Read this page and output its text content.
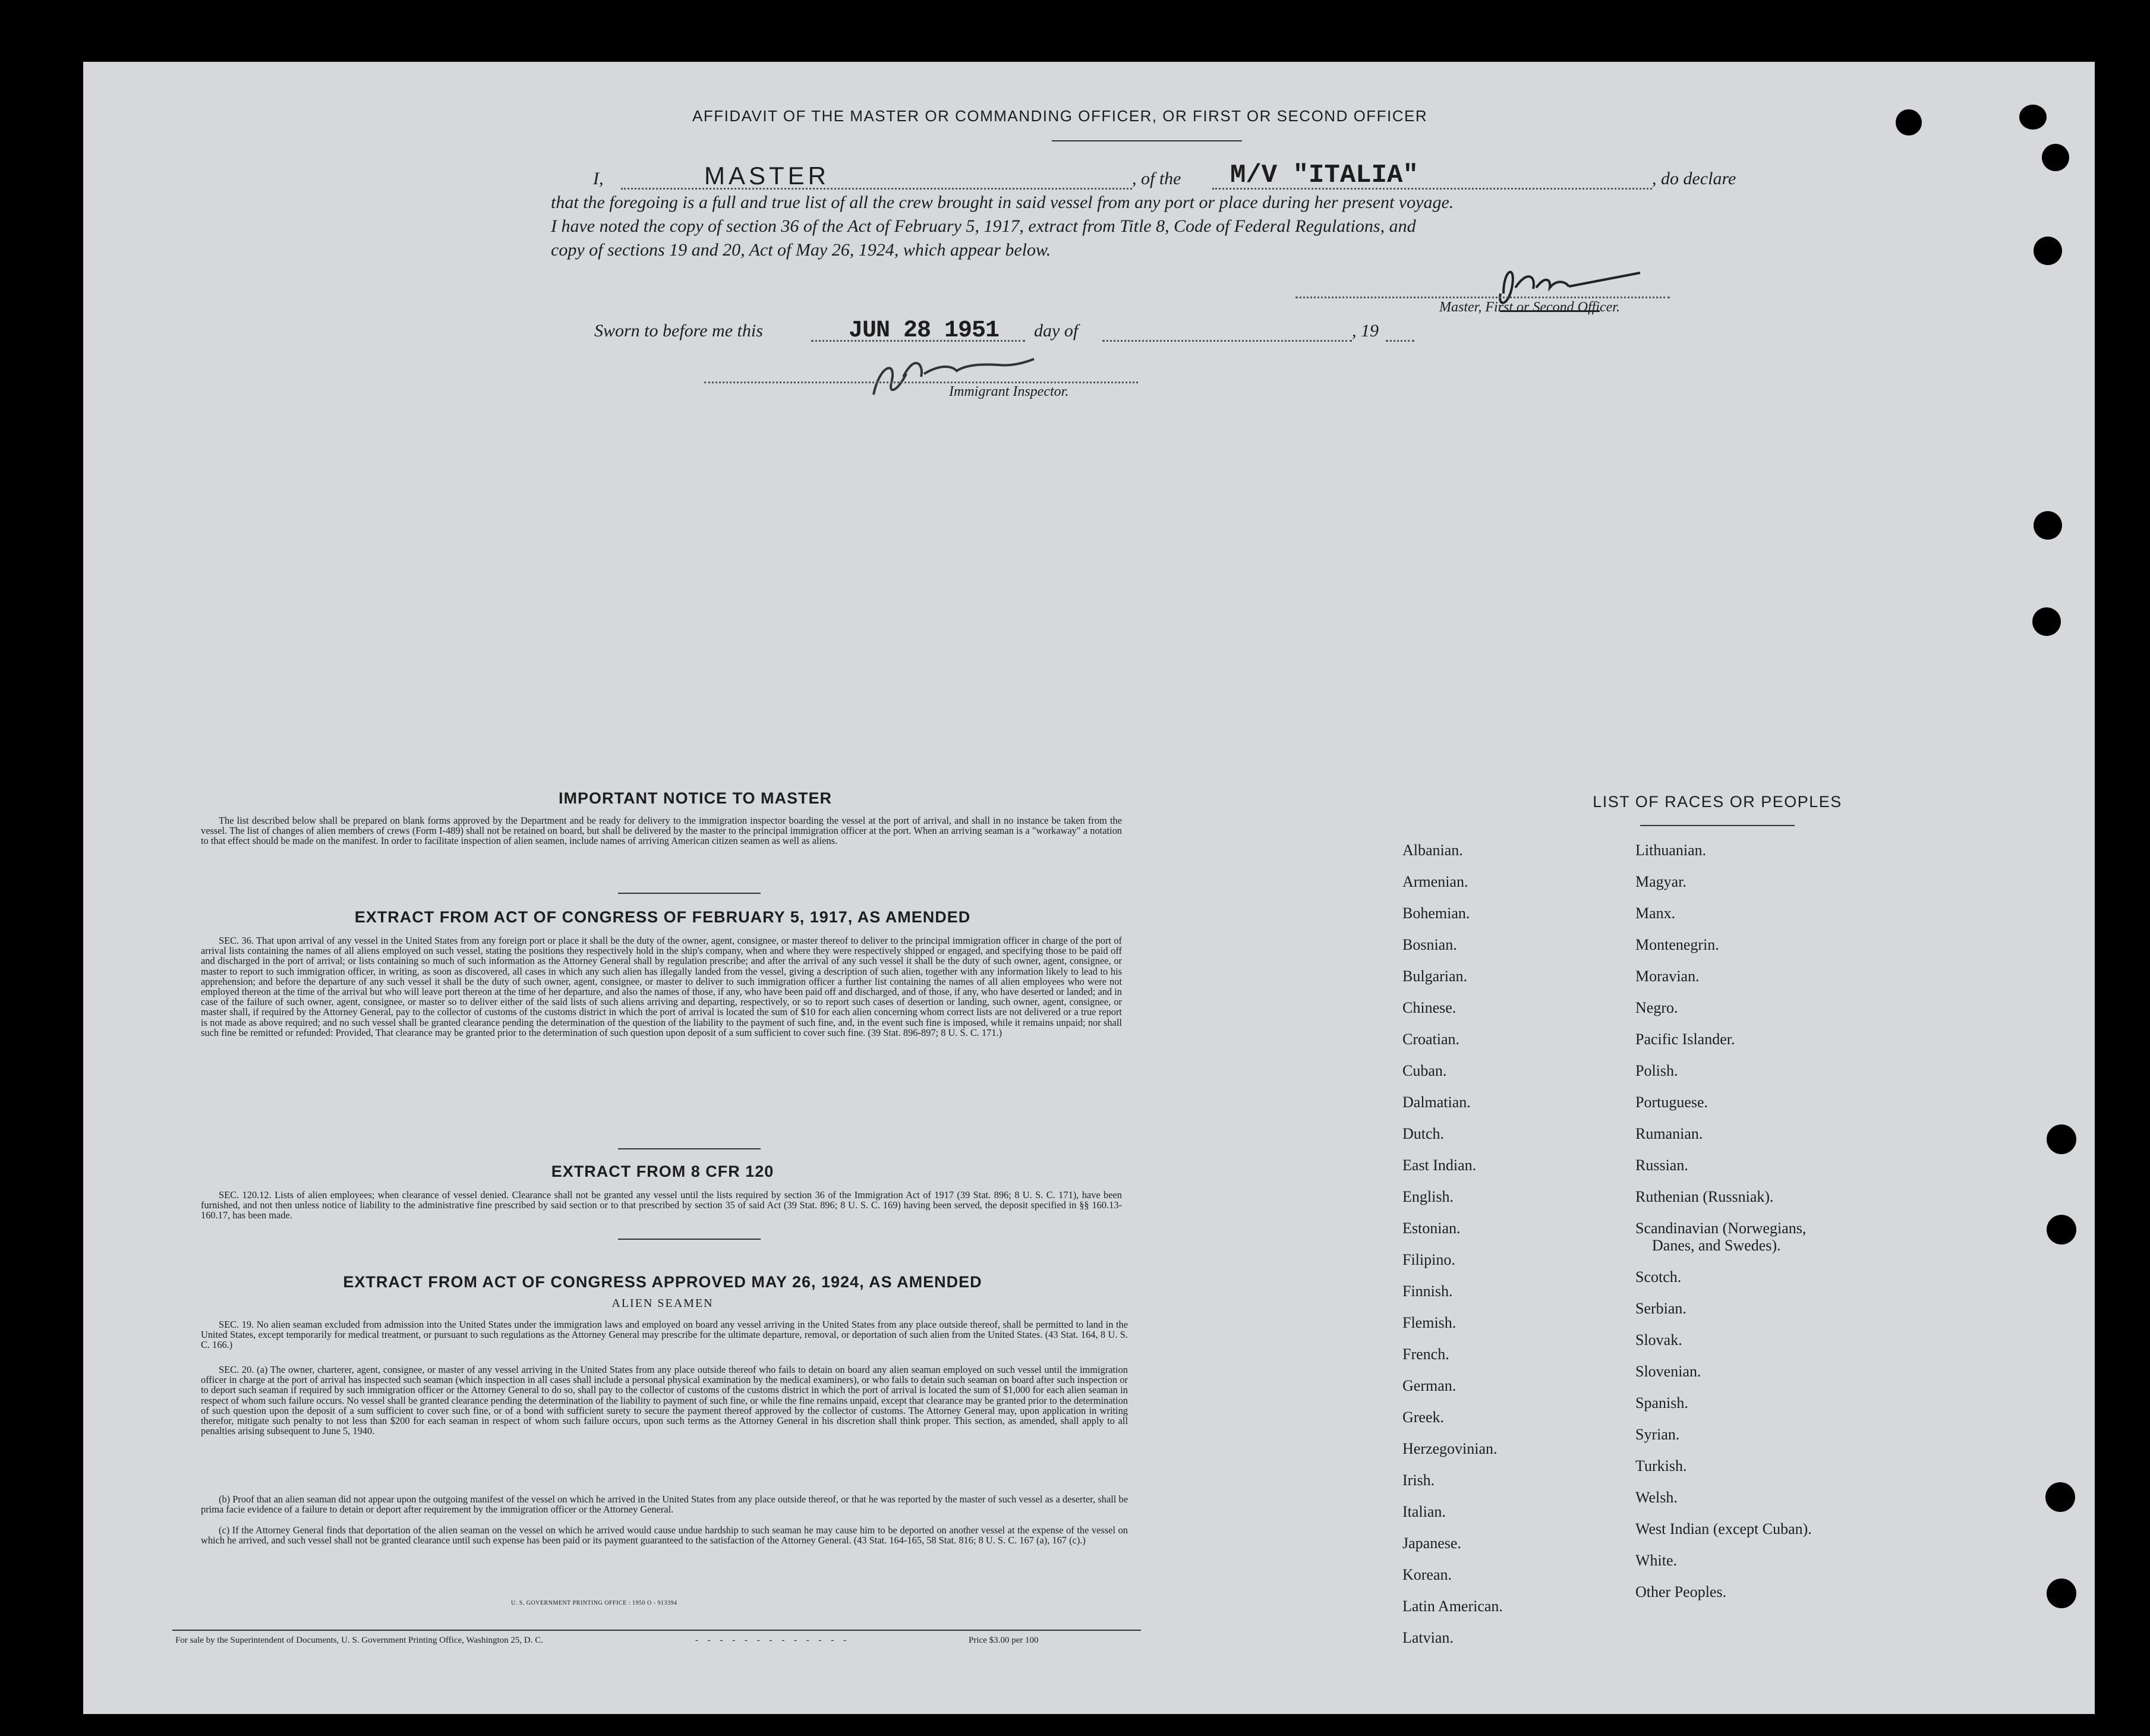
AFFIDAVIT OF THE MASTER OR COMMANDING OFFICER, OR FIRST OR SECOND OFFICER
I,	MASTER	, of the M/V "ITALIA"	, do declare
that the foregoing is a full and true list of all the crew brought in said vessel from any port or place during her present voyage.
I have noted the copy of section 36 of the Act of February 5, 1917, extract from Title 8, Code of Federal Regulations, and
copy of sections 19 and 20, Act of May 26, 1924, which appear below.
Master, First or Second Officer.
Sworn to before me this	JUN 28 1951 day of	, 19
Immigrant Inspector.
IMPORTANT NOTICE TO MASTER

The list described below shall be prepared on blank forms approved by the Department and be ready for delivery to the immigration inspector boarding the vessel at the port of arrival, and shall in no instance be taken from the vessel. The list of changes of alien members of crews (Form I-489) shall not be retained on board, but shall be delivered by the master to the principal immigration officer at the port. When an arriving seaman is a "workaway" a notation to that effect should be made on the manifest. In order to facilitate inspection of alien seamen, include names of arriving American citizen seamen as well as aliens.

EXTRACT FROM ACT OF CONGRESS OF FEBRUARY 5, 1917, AS AMENDED

SEC. 36. That upon arrival of any vessel in the United States from any foreign port or place it shall be the duty of the owner, agent, consignee, or master thereof to deliver to the principal immigration officer in charge of the port of arrival lists containing the names of all aliens employed on such vessel, stating the positions they respectively hold in the ship's company, when and where they were respectively shipped or engaged, and specifying those to be paid off and discharged in the port of arrival; or lists containing so much of such information as the Attorney General shall by regulation prescribe; and after the arrival of any such vessel it shall be the duty of such owner, agent, consignee, or master to report to such immigration officer, in writing, as soon as discovered, all cases in which any such alien has illegally landed from the vessel, giving a description of such alien, together with any information likely to lead to his apprehension; and before the departure of any such vessel it shall be the duty of such owner, agent, consignee, or master to deliver to such immigration officer a further list containing the names of all alien employees who were not employed thereon at the time of the arrival but who will leave port thereon at the time of her departure, and also the names of those, if any, who have been paid off and discharged, and of those, if any, who have deserted or landed; and in case of the failure of such owner, agent, consignee, or master so to deliver either of the said lists of such aliens arriving and departing, respectively, or so to report such cases of desertion or landing, such owner, agent, consignee, or master shall, if required by the Attorney General, pay to the collector of customs of the customs district in which the port of arrival is located the sum of $10 for each alien concerning whom correct lists are not delivered or a true report is not made as above required; and no such vessel shall be granted clearance pending the determination of the question of the liability to the payment of such fine, and, in the event such fine is imposed, while it remains unpaid; nor shall such fine be remitted or refunded: Provided, That clearance may be granted prior to the determination of such question upon deposit of a sum sufficient to cover such fine. (39 Stat. 896-897; 8 U. S. C. 171.)

EXTRACT FROM 8 CFR 120

SEC. 120.12. Lists of alien employees; when clearance of vessel denied. Clearance shall not be granted any vessel until the lists required by section 36 of the Immigration Act of 1917 (39 Stat. 896; 8 U. S. C. 171), have been furnished, and not then unless notice of liability to the administrative fine prescribed by said section or to that prescribed by section 35 of said Act (39 Stat. 896; 8 U. S. C. 169) having been served, the deposit specified in §§ 160.13-160.17, has been made.

EXTRACT FROM ACT OF CONGRESS APPROVED MAY 26, 1924, AS AMENDED
ALIEN SEAMEN

SEC. 19. No alien seaman excluded from admission into the United States under the immigration laws and employed on board any vessel arriving in the United States from any place outside thereof, shall be permitted to land in the United States, except temporarily for medical treatment, or pursuant to such regulations as the Attorney General may prescribe for the ultimate departure, removal, or deportation of such alien from the United States. (43 Stat. 164, 8 U. S. C. 166.)

SEC. 20. (a) The owner, charterer, agent, consignee, or master of any vessel arriving in the United States from any place outside thereof who fails to detain on board any alien seaman employed on such vessel until the immigration officer in charge at the port of arrival has inspected such seaman (which inspection in all cases shall include a personal physical examination by the medical examiners), or who fails to detain such seaman on board after such inspection or to deport such seaman if required by such immigration officer or the Attorney General to do so, shall pay to the collector of customs of the customs district in which the port of arrival is located the sum of $1,000 for each alien seaman in respect of whom such failure occurs. No vessel shall be granted clearance pending the determination of the liability to payment of such fine, or while the fine remains unpaid, except that clearance may be granted prior to the determination of such question upon the deposit of a sum sufficient to cover such fine, or of a bond with sufficient surety to secure the payment thereof approved by the collector of customs. The Attorney General may, upon application in writing therefor, mitigate such penalty to not less than $200 for each seaman in respect of whom such failure occurs, upon such terms as the Attorney General in his discretion shall think proper. This section, as amended, shall apply to all penalties arising subsequent to June 5, 1940.

(b) Proof that an alien seaman did not appear upon the outgoing manifest of the vessel on which he arrived in the United States from any place outside thereof, or that he was reported by the master of such vessel as a deserter, shall be prima facie evidence of a failure to detain or deport after requirement by the immigration officer or the Attorney General.

(c) If the Attorney General finds that deportation of the alien seaman on the vessel on which he arrived would cause undue hardship to such seaman he may cause him to be deported on another vessel at the expense of the vessel on which he arrived, and such vessel shall not be granted clearance until such expense has been paid or its payment guaranteed to the satisfaction of the Attorney General. (43 Stat. 164-165, 58 Stat. 816; 8 U. S. C. 167 (a), 167 (c).)

U. S. GOVERNMENT PRINTING OFFICE : 1950 O - 913394
For sale by the Superintendent of Documents, U. S. Government Printing Office, Washington 25, D. C.	- - - - - - - - - - - - -	Price $3.00 per 100
LIST OF RACES OR PEOPLES
Albanian.
Armenian.
Bohemian.
Bosnian.
Bulgarian.
Chinese.
Croatian.
Cuban.
Dalmatian.
Dutch.
East Indian.
English.
Estonian.
Filipino.
Finnish.
Flemish.
French.
German.
Greek.
Herzegovinian.
Irish.
Italian.
Japanese.
Korean.
Latin American.
Latvian.
Lithuanian.
Magyar.
Manx.
Montenegrin.
Moravian.
Negro.
Pacific Islander.
Polish.
Portuguese.
Rumanian.
Russian.
Ruthenian (Russniak).
Scandinavian (Norwegians,
Danes, and Swedes).
Scotch.
Serbian.
Slovak.
Slovenian.
Spanish.
Syrian.
Turkish.
Welsh.
West Indian (except Cuban).
White.
Other Peoples.
